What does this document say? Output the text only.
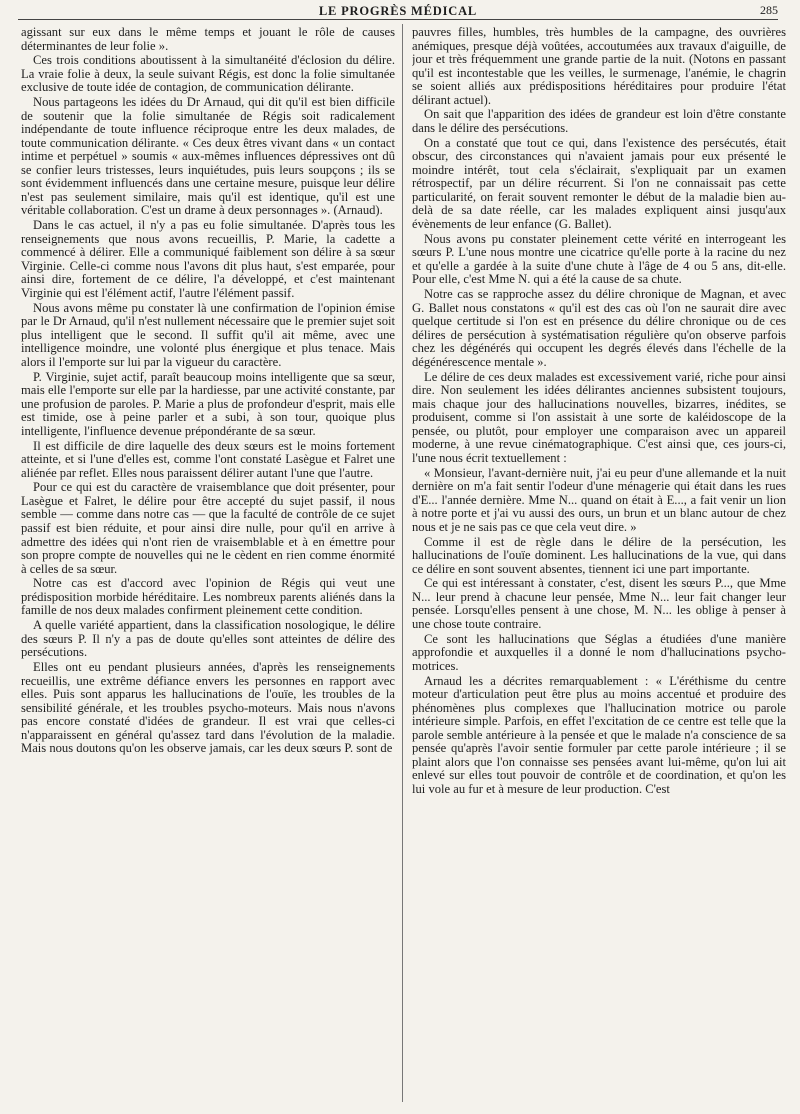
LE PROGRÈS MÉDICAL	285

agissant sur eux dans le même temps et jouant le rôle de causes déterminantes de leur folie ».

Ces trois conditions aboutissent à la simultanéité d'éclosion du délire. La vraie folie à deux, la seule suivant Régis, est donc la folie simultanée exclusive de toute idée de contagion, de communication délirante.

Nous partageons les idées du Dr Arnaud, qui dit qu'il est bien difficile de soutenir que la folie simultanée de Régis soit radicalement indépendante de toute influence réciproque entre les deux malades, de toute communication délirante. « Ces deux êtres vivant dans « un contact intime et perpétuel » soumis « aux-mêmes influences dépressives ont dû se confier leurs tristesses, leurs inquiétudes, puis leurs soupçons ; ils se sont évidemment influencés dans une certaine mesure, puisque leur délire n'est pas seulement similaire, mais qu'il est identique, qu'il est une véritable collaboration. C'est un drame à deux personnages ». (Arnaud).

Dans le cas actuel, il n'y a pas eu folie simultanée. D'après tous les renseignements que nous avons recueillis, P. Marie, la cadette a commencé à délirer. Elle a communiqué faiblement son délire à sa sœur Virginie. Celle-ci comme nous l'avons dit plus haut, s'est emparée, pour ainsi dire, fortement de ce délire, l'a développé, et c'est maintenant Virginie qui est l'élément actif, l'autre l'élément passif.

Nous avons même pu constater là une confirmation de l'opinion émise par le Dr Arnaud, qu'il n'est nullement nécessaire que le premier sujet soit plus intelligent que le second. Il suffit qu'il ait même, avec une intelligence moindre, une volonté plus énergique et plus tenace. Mais alors il l'emporte sur lui par la vigueur du caractère.

P. Virginie, sujet actif, paraît beaucoup moins intelligente que sa sœur, mais elle l'emporte sur elle par la hardiesse, par une activité constante, par une profusion de paroles. P. Marie a plus de profondeur d'esprit, mais elle est timide, ose à peine parler et a subi, à son tour, quoique plus intelligente, l'influence devenue prépondérante de sa sœur.

Il est difficile de dire laquelle des deux sœurs est le moins fortement atteinte, et si l'une d'elles est, comme l'ont constaté Lasègue et Falret une aliénée par reflet. Elles nous paraissent délirer autant l'une que l'autre.

Pour ce qui est du caractère de vraisemblance que doit présenter, pour Lasègue et Falret, le délire pour être accepté du sujet passif, il nous semble — comme dans notre cas — que la faculté de contrôle de ce sujet passif est bien réduite, et pour ainsi dire nulle, pour qu'il en arrive à admettre des idées qui n'ont rien de vraisemblable et à en émettre pour son propre compte de nouvelles qui ne le cèdent en rien comme énormité à celles de sa sœur.

Notre cas est d'accord avec l'opinion de Régis qui veut une prédisposition morbide héréditaire. Les nombreux parents aliénés dans la famille de nos deux malades confirment pleinement cette condition.

A quelle variété appartient, dans la classification nosologique, le délire des sœurs P. Il n'y a pas de doute qu'elles sont atteintes de délire des persécutions.

Elles ont eu pendant plusieurs années, d'après les renseignements recueillis, une extrême défiance envers les personnes en rapport avec elles. Puis sont apparus les hallucinations de l'ouïe, les troubles de la sensibilité générale, et les troubles psycho-moteurs. Mais nous n'avons pas encore constaté d'idées de grandeur. Il est vrai que celles-ci n'apparaissent en général qu'assez tard dans l'évolution de la maladie. Mais nous doutons qu'on les observe jamais, car les deux sœurs P. sont de

pauvres filles, humbles, très humbles de la campagne, des ouvrières anémiques, presque déjà voûtées, accoutumées aux travaux d'aiguille, de jour et très fréquemment une grande partie de la nuit. (Notons en passant qu'il est incontestable que les veilles, le surmenage, l'anémie, le chagrin se soient alliés aux prédispositions héréditaires pour produire l'état délirant actuel).

On sait que l'apparition des idées de grandeur est loin d'être constante dans le délire des persécutions.

On a constaté que tout ce qui, dans l'existence des persécutés, était obscur, des circonstances qui n'avaient jamais pour eux présenté le moindre intérêt, tout cela s'éclairait, s'expliquait par un examen rétrospectif, par un délire récurrent. Si l'on ne connaissait pas cette particularité, on ferait souvent remonter le début de la maladie bien au-delà de sa date réelle, car les malades expliquent ainsi jusqu'aux évènements de leur enfance (G. Ballet).

Nous avons pu constater pleinement cette vérité en interrogeant les sœurs P. L'une nous montre une cicatrice qu'elle porte à la racine du nez et qu'elle a gardée à la suite d'une chute à l'âge de 4 ou 5 ans, dit-elle. Pour elle, c'est Mme N. qui a été la cause de sa chute.

Notre cas se rapproche assez du délire chronique de Magnan, et avec G. Ballet nous constatons « qu'il est des cas où l'on ne saurait dire avec quelque certitude si l'on est en présence du délire chronique ou de ces délires de persécution à systématisation régulière qu'on observe parfois chez les dégénérés qui occupent les degrés élevés dans l'échelle de la dégénérescence mentale ».

Le délire de ces deux malades est excessivement varié, riche pour ainsi dire. Non seulement les idées délirantes anciennes subsistent toujours, mais chaque jour des hallucinations nouvelles, bizarres, inédites, se produisent, comme si l'on assistait à une sorte de kaléidoscope de la pensée, ou plutôt, pour employer une comparaison avec un appareil moderne, à une revue cinématographique. C'est ainsi que, ces jours-ci, l'une nous écrit textuellement :

« Monsieur, l'avant-dernière nuit, j'ai eu peur d'une allemande et la nuit dernière on m'a fait sentir l'odeur d'une ménagerie qui était dans les rues d'E... l'année dernière. Mme N... quand on était à E..., a fait venir un lion à notre porte et j'ai vu aussi des ours, un brun et un blanc autour de chez nous et je ne sais pas ce que cela veut dire. »

Comme il est de règle dans le délire de la persécution, les hallucinations de l'ouïe dominent. Les hallucinations de la vue, qui dans ce délire en sont souvent absentes, tiennent ici une part importante.

Ce qui est intéressant à constater, c'est, disent les sœurs P..., que Mme N... leur prend à chacune leur pensée, Mme N... leur fait changer leur pensée. Lorsqu'elles pensent à une chose, M. N... les oblige à penser à une chose toute contraire.

Ce sont les hallucinations que Séglas a étudiées d'une manière approfondie et auxquelles il a donné le nom d'hallucinations psycho-motrices.

Arnaud les a décrites remarquablement : « L'éréthisme du centre moteur d'articulation peut être plus au moins accentué et produire des phénomènes plus complexes que l'hallucination motrice ou parole intérieure simple. Parfois, en effet l'excitation de ce centre est telle que la parole semble antérieure à la pensée et que le malade n'a conscience de sa pensée qu'après l'avoir sentie formuler par cette parole intérieure ; il se plaint alors que l'on connaisse ses pensées avant lui-même, qu'on lui ait enlevé sur elles tout pouvoir de contrôle et de coordination, et qu'on les lui vole au fur et à mesure de leur production. C'est
